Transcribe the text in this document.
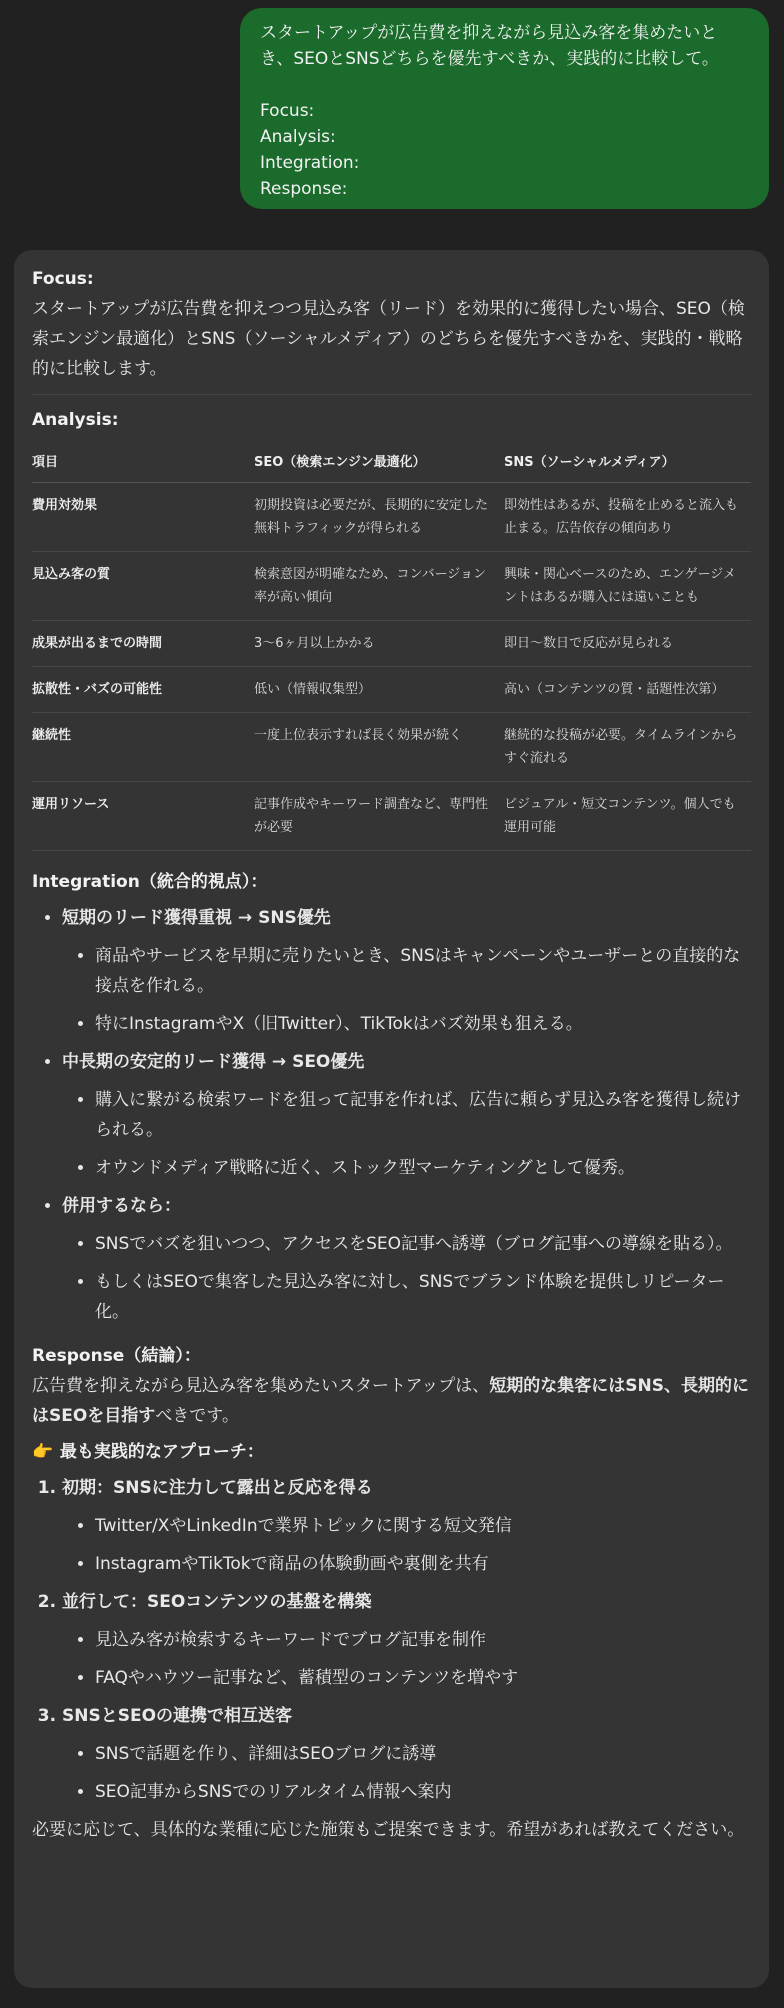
スタートアップが広告費を抑えながら見込み客を集めたいと
き、SEOとSNSどちらを優先すべきか、実践的に比較して。
Focus:
Analysis:
Integration:
Response:
Focus:

スタートアップが広告費を抑えつつ見込み客（リード）を効果的に獲得したい場合、SEO（検索エンジン最適化）とSNS（ソーシャルメディア）のどちらを優先すべきかを、実践的・戦略的に比較します。

Analysis:
項目	SEO（検索エンジン最適化）	SNS（ソーシャルメディア）
費用対効果	初期投資は必要だが、長期的に安定した無料トラフィックが得られる	即効性はあるが、投稿を止めると流入も止まる。広告依存の傾向あり
見込み客の質	検索意図が明確なため、コンバージョン率が高い傾向	興味・関心ベースのため、エンゲージメントはあるが購入には遠いことも
成果が出るまでの時間	3〜6ヶ月以上かかる	即日〜数日で反応が見られる
拡散性・バズの可能性	低い（情報収集型）	高い（コンテンツの質・話題性次第）
継続性	一度上位表示すれば長く効果が続く	継続的な投稿が必要。タイムラインからすぐ流れる
運用リソース	記事作成やキーワード調査など、専門性が必要	ビジュアル・短文コンテンツ。個人でも運用可能
Integration（統合的視点）：
• 短期のリード獲得重視 → SNS優先
• 商品やサービスを早期に売りたいとき、SNSはキャンペーンやユーザーとの直接的な接点を作れる。
• 特にInstagramやX（旧Twitter）、TikTokはバズ効果も狙える。
• 中長期の安定的リード獲得 → SEO優先
• 購入に繋がる検索ワードを狙って記事を作れば、広告に頼らず見込み客を獲得し続けられる。
• オウンドメディア戦略に近く、ストック型マーケティングとして優秀。
• 併用するなら：
• SNSでバズを狙いつつ、アクセスをSEO記事へ誘導（ブログ記事への導線を貼る）。
• もしくはSEOで集客した見込み客に対し、SNSでブランド体験を提供しリピーター化。
Response（結論）：

広告費を抑えながら見込み客を集めたいスタートアップは、短期的な集客にはSNS、長期的にはSEOを目指すべきです。

👉 最も実践的なアプローチ：
1. 初期：SNSに注力して露出と反応を得る
• Twitter/XやLinkedInで業界トピックに関する短文発信
• InstagramやTikTokで商品の体験動画や裏側を共有
2. 並行して：SEOコンテンツの基盤を構築
• 見込み客が検索するキーワードでブログ記事を制作
• FAQやハウツー記事など、蓄積型のコンテンツを増やす
3. SNSとSEOの連携で相互送客
• SNSで話題を作り、詳細はSEOブログに誘導
• SEO記事からSNSでのリアルタイム情報へ案内

必要に応じて、具体的な業種に応じた施策もご提案できます。希望があれば教えてください。
